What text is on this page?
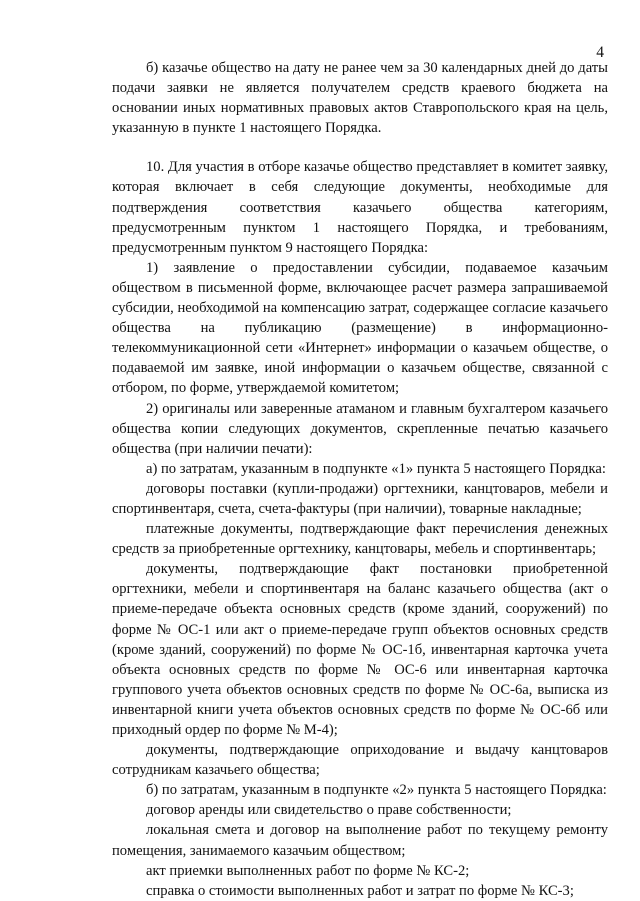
4

б) казачье общество на дату не ранее чем за 30 календарных дней до даты подачи заявки не является получателем средств краевого бюджета на основании иных нормативных правовых актов Ставропольского края на цель, указанную в пункте 1 настоящего Порядка.

10. Для участия в отборе казачье общество представляет в комитет заявку, которая включает в себя следующие документы, необходимые для подтверждения соответствия казачьего общества категориям, предусмотренным пунктом 1 настоящего Порядка, и требованиям, предусмотренным пунктом 9 настоящего Порядка:

1) заявление о предоставлении субсидии, подаваемое казачьим обществом в письменной форме, включающее расчет размера запрашиваемой субсидии, необходимой на компенсацию затрат, содержащее согласие казачьего общества на публикацию (размещение) в информационно-телекоммуникационной сети «Интернет» информации о казачьем обществе, о подаваемой им заявке, иной информации о казачьем обществе, связанной с отбором, по форме, утверждаемой комитетом;

2) оригиналы или заверенные атаманом и главным бухгалтером казачьего общества копии следующих документов, скрепленные печатью казачьего общества (при наличии печати):

а) по затратам, указанным в подпункте «1» пункта 5 настоящего Порядка:

договоры поставки (купли-продажи) оргтехники, канцтоваров, мебели и спортинвентаря, счета, счета-фактуры (при наличии), товарные накладные;

платежные документы, подтверждающие факт перечисления денежных средств за приобретенные оргтехнику, канцтовары, мебель и спортинвентарь;

документы, подтверждающие факт постановки приобретенной оргтехники, мебели и спортинвентаря на баланс казачьего общества (акт о приеме-передаче объекта основных средств (кроме зданий, сооружений) по форме № ОС-1 или акт о приеме-передаче групп объектов основных средств (кроме зданий, сооружений) по форме № ОС-1б, инвентарная карточка учета объекта основных средств по форме № ОС-6 или инвентарная карточка группового учета объектов основных средств по форме № ОС-6а, выписка из инвентарной книги учета объектов основных средств по форме № ОС-6б или приходный ордер по форме № М-4);

документы, подтверждающие оприходование и выдачу канцтоваров сотрудникам казачьего общества;

б) по затратам, указанным в подпункте «2» пункта 5 настоящего Порядка:

договор аренды или свидетельство о праве собственности;

локальная смета и договор на выполнение работ по текущему ремонту помещения, занимаемого казачьим обществом;

акт приемки выполненных работ по форме № КС-2;

справка о стоимости выполненных работ и затрат по форме № КС-3;
